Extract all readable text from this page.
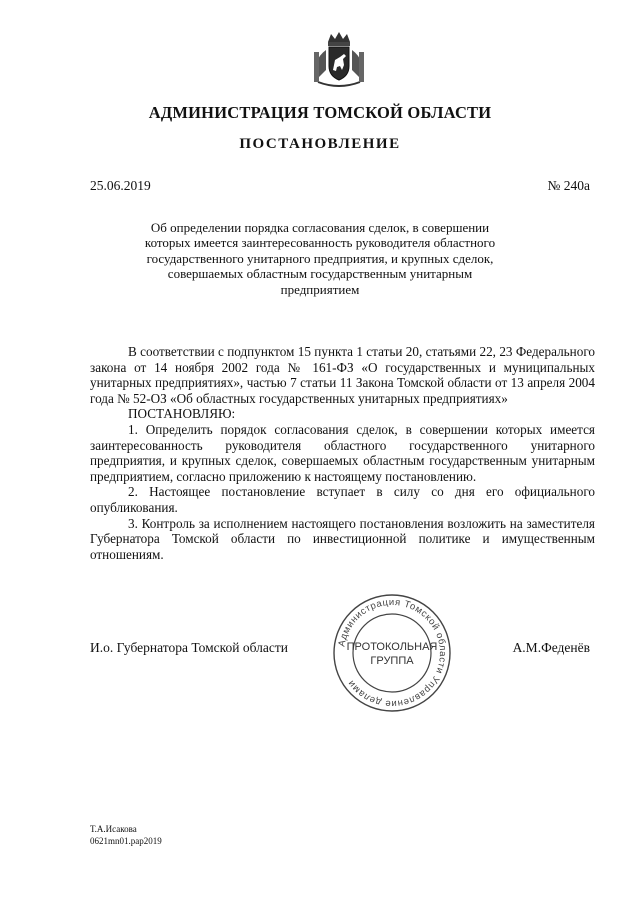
АДМИНИСТРАЦИЯ ТОМСКОЙ ОБЛАСТИ
ПОСТАНОВЛЕНИЕ
25.06.2019	№ 240а
Об определении порядка согласования сделок, в совершении
которых имеется заинтересованность руководителя областного
государственного унитарного предприятия, и крупных сделок,
совершаемых областным государственным унитарным
предприятием

В соответствии с подпунктом 15 пункта 1 статьи 20, статьями 22, 23 Федерального закона от 14 ноября 2002 года № 161-ФЗ «О государственных и муниципальных унитарных предприятиях», частью 7 статьи 11 Закона Томской области от 13 апреля 2004 года № 52-ОЗ «Об областных государственных унитарных предприятиях»

ПОСТАНОВЛЯЮ:

1. Определить порядок согласования сделок, в совершении которых имеется заинтересованность руководителя областного государственного унитарного предприятия, и крупных сделок, совершаемых областным государственным унитарным предприятием, согласно приложению к настоящему постановлению.

2. Настоящее постановление вступает в силу со дня его официального опубликования.

3. Контроль за исполнением настоящего постановления возложить на заместителя Губернатора Томской области по инвестиционной политике и имущественным отношениям.

Администрация Томской области Управление делами
ПРОТОКОЛЬНАЯ
ГРУППА
И.о. Губернатора Томской области	А.М.Феденёв
Т.А.Исакова
0621mn01.pap2019
